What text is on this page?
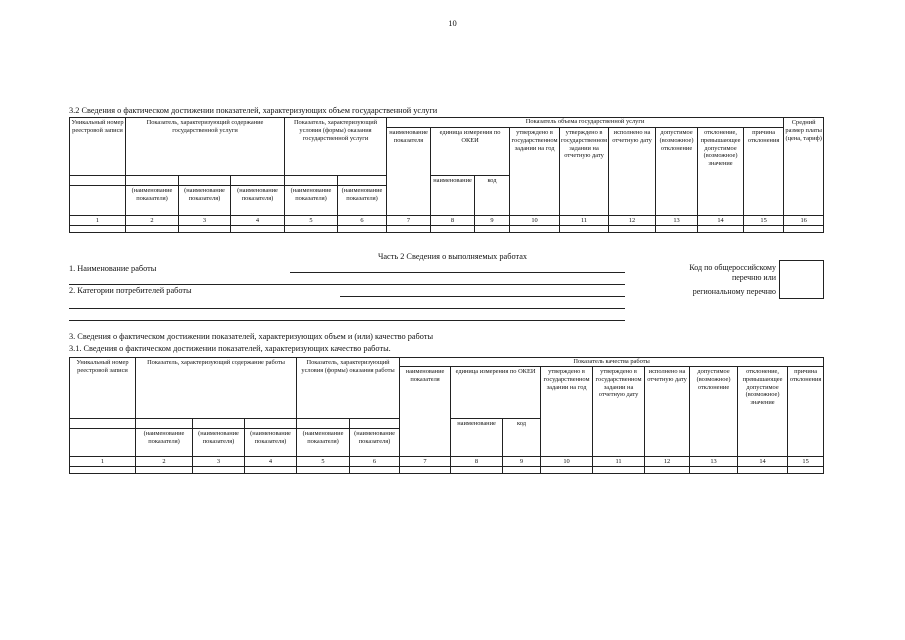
10
3.2 Сведения о фактическом достижении показателей, характеризующих объем государственной услуги
Уникальный номер реестровой записи	Показатель, характеризующий содержание государственной услуги			Показатель, характеризующий условия (формы) оказания государственной услуги		Показатель объема государственной услуги									Средний размер платы (цена, тариф)
						наименование показателя	единица измерения по ОКЕИ		утверждено в государственном задании на год	утверждено в государственном задании на отчетную дату	исполнено на отчетную дату	допустимое (возможное) отклонение	отклонение, превышающее допустимое (возможное) значение	причина отклонения	
							наименование	код							
	(наименование показателя)	(наименование показателя)	(наименование показателя)	(наименование показателя)	(наименование показателя)										
1	2	3	4	5	6	7	8	9	10	11	12	13	14	15	16

Часть 2 Сведения о выполняемых работах
1. Наименование работы
2. Категории потребителей работы
Код по общероссийскому
перечню или
региональному перечню
3. Сведения о фактическом достижении показателей, характеризующих объем и (или) качество работы
3.1. Сведения о фактическом достижении показателей, характеризующих качество работы.
Уникальный номер реестровой записи	Показатель, характеризующий содержание работы			Показатель, характеризующий условия (формы) оказания работы		Показатель качества работы								
						наименование показателя	единица измерения по ОКЕИ		утверждено в государственном задании на год	утверждено в государственном задании на отчетную дату	исполнено на отчетную дату	допустимое (возможное) отклонение	отклонение, превышающее допустимое (возможное) значение	причина отклонения
							наименование	код						
	(наименование показателя)	(наименование показателя)	(наименование показателя)	(наименование показателя)	(наименование показателя)									
1	2	3	4	5	6	7	8	9	10	11	12	13	14	15
